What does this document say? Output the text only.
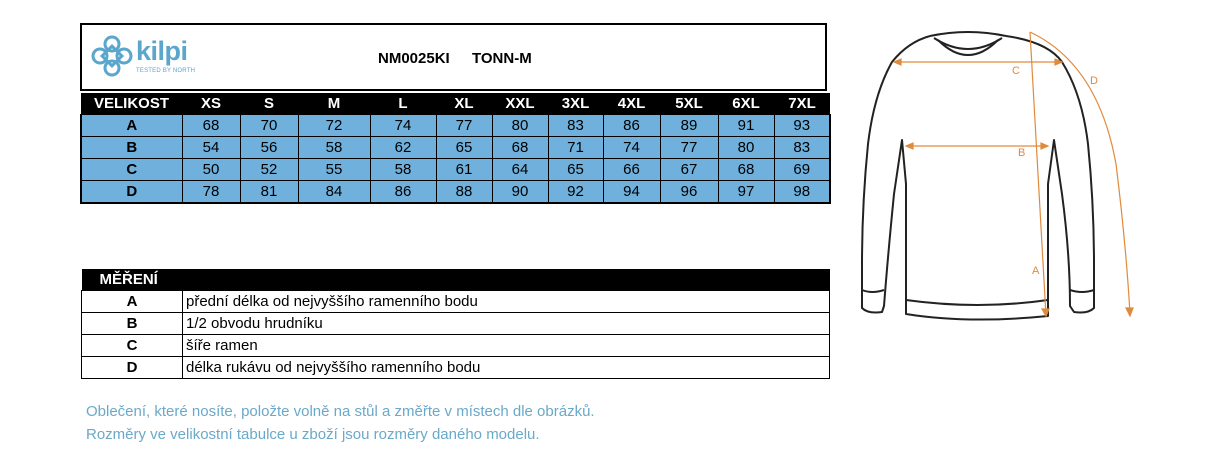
kilpi
TESTED BY NORTH
NM0025KI TONN-M
VELIKOST	XS	S	M	L	XL	XXL	3XL	4XL	5XL	6XL	7XL
A	68	70	72	74	77	80	83	86	89	91	93
B	54	56	58	62	65	68	71	74	77	80	83
C	50	52	55	58	61	64	65	66	67	68	69
D	78	81	84	86	88	90	92	94	96	97	98
MĚŘENÍ	
A	přední délka od nejvyššího ramenního bodu
B	1/2 obvodu hrudníku
C	šíře ramen
D	délka rukávu od nejvyššího ramenního bodu
Oblečení, které nosíte, položte volně na stůl a změřte v místech dle obrázků.
Rozměry ve velikostní tabulce u zboží jsou rozměry daného modelu.
C
B
A
D
